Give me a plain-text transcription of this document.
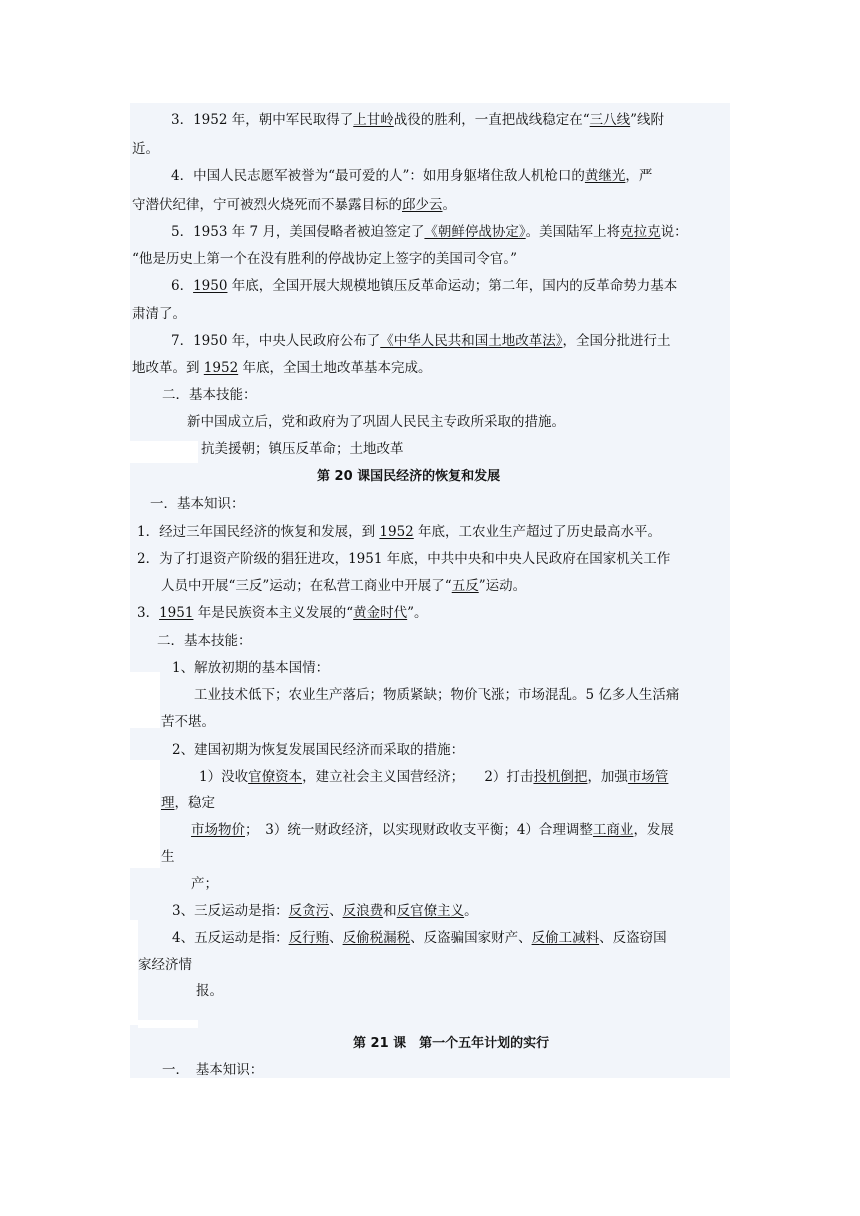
3．1952 年，朝中军民取得了上甘岭战役的胜利，一直把战线稳定在“三八线”线附
近。
4．中国人民志愿军被誉为“最可爱的人”：如用身躯堵住敌人机枪口的黄继光，严
守潜伏纪律，宁可被烈火烧死而不暴露目标的邱少云。
5．1953 年 7 月，美国侵略者被迫签定了《朝鲜停战协定》。美国陆军上将克拉克说：
“他是历史上第一个在没有胜利的停战协定上签字的美国司令官。”
6．1950 年底，全国开展大规模地镇压反革命运动；第二年，国内的反革命势力基本
肃清了。
7．1950 年，中央人民政府公布了《中华人民共和国土地改革法》，全国分批进行土
地改革。到 1952 年底，全国土地改革基本完成。
二．基本技能：
新中国成立后，党和政府为了巩固人民民主专政所采取的措施。
抗美援朝；镇压反革命；土地改革
第 20 课国民经济的恢复和发展
一．基本知识：
1．经过三年国民经济的恢复和发展，到 1952 年底，工农业生产超过了历史最高水平。
2．为了打退资产阶级的猖狂进攻，1951 年底，中共中央和中央人民政府在国家机关工作
人员中开展“三反”运动；在私营工商业中开展了“五反”运动。
3．1951 年是民族资本主义发展的“黄金时代”。
二．基本技能：
1、解放初期的基本国情：
工业技术低下；农业生产落后；物质紧缺；物价飞涨；市场混乱。5 亿多人生活痛
苦不堪。
2、建国初期为恢复发展国民经济而采取的措施：
1）没收官僚资本，建立社会主义国营经济；　　2）打击投机倒把，加强市场管
理，稳定
市场物价；　3）统一财政经济，以实现财政收支平衡；4）合理调整工商业，发展
生
产；
3、三反运动是指：反贪污、反浪费和反官僚主义。
4、五反运动是指：反行贿、反偷税漏税、反盗骗国家财产、反偷工减料、反盗窃国
家经济情
报。
第 21 课　第一个五年计划的实行
一．　基本知识：
